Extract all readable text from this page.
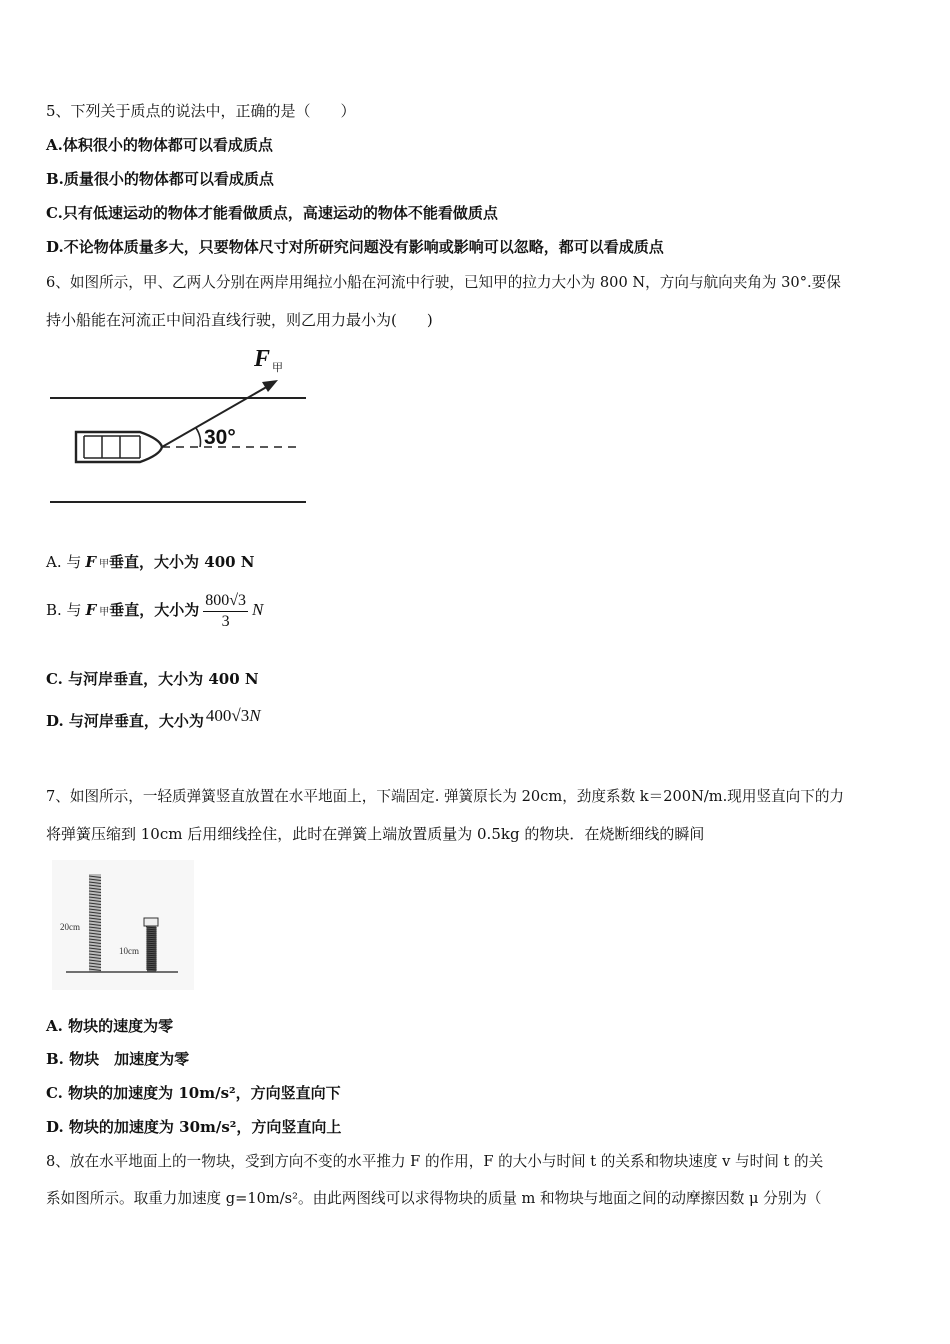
5、下列关于质点的说法中，正确的是（　　）
A.体积很小的物体都可以看成质点
B.质量很小的物体都可以看成质点
C.只有低速运动的物体才能看做质点，高速运动的物体不能看做质点
D.不论物体质量多大，只要物体尺寸对所研究问题没有影响或影响可以忽略，都可以看成质点
6、如图所示，甲、乙两人分别在两岸用绳拉小船在河流中行驶，已知甲的拉力大小为 800 N，方向与航向夹角为 30°.要保
持小船能在河流正中间沿直线行驶，则乙用力最小为(　　)
F 甲
30°
A. 与 F 甲垂直，大小为 400 N
B. 与 F 甲垂直，大小为 $\frac{800√3}{3}$ N
C. 与河岸垂直，大小为 400 N
D. 与河岸垂直，大小为 400√3N
7、如图所示，一轻质弹簧竖直放置在水平地面上，下端固定. 弹簧原长为 20cm，劲度系数 k＝200N/m.现用竖直向下的力
将弹簧压缩到 10cm 后用细线拴住，此时在弹簧上端放置质量为 0.5kg 的物块．在烧断细线的瞬间
20cm
10cm
A. 物块的速度为零
B. 物块　加速度为零
C. 物块的加速度为 10m/s²，方向竖直向下
D. 物块的加速度为 30m/s²，方向竖直向上
8、放在水平地面上的一物块，受到方向不变的水平推力 F 的作用，F 的大小与时间 t 的关系和物块速度 v 与时间 t 的关
系如图所示。取重力加速度 g=10m/s²。由此两图线可以求得物块的质量 m 和物块与地面之间的动摩擦因数 μ 分别为（
